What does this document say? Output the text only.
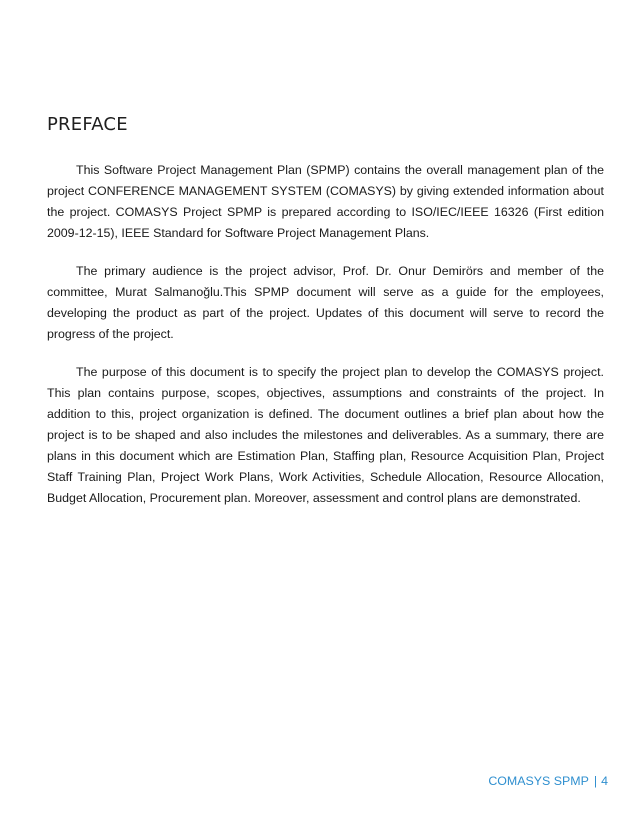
PREFACE

This Software Project Management Plan (SPMP) contains the overall management plan of the project CONFERENCE MANAGEMENT SYSTEM (COMASYS) by giving extended information about the project. COMASYS Project SPMP is prepared according to ISO/IEC/IEEE 16326 (First edition 2009-12-15), IEEE Standard for Software Project Management Plans.

The primary audience is the project advisor, Prof. Dr. Onur Demirörs and member of the committee, Murat Salmanoğlu.This SPMP document will serve as a guide for the employees, developing the product as part of the project. Updates of this document will serve to record the progress of the project.

The purpose of this document is to specify the project plan to develop the COMASYS project. This plan contains purpose, scopes, objectives, assumptions and constraints of the project. In addition to this, project organization is defined. The document outlines a brief plan about how the project is to be shaped and also includes the milestones and deliverables. As a summary, there are plans in this document which are Estimation Plan, Staffing plan, Resource Acquisition Plan, Project Staff Training Plan, Project Work Plans, Work Activities, Schedule Allocation, Resource Allocation, Budget Allocation, Procurement plan. Moreover, assessment and control plans are demonstrated.

COMASYS SPMP | 4
